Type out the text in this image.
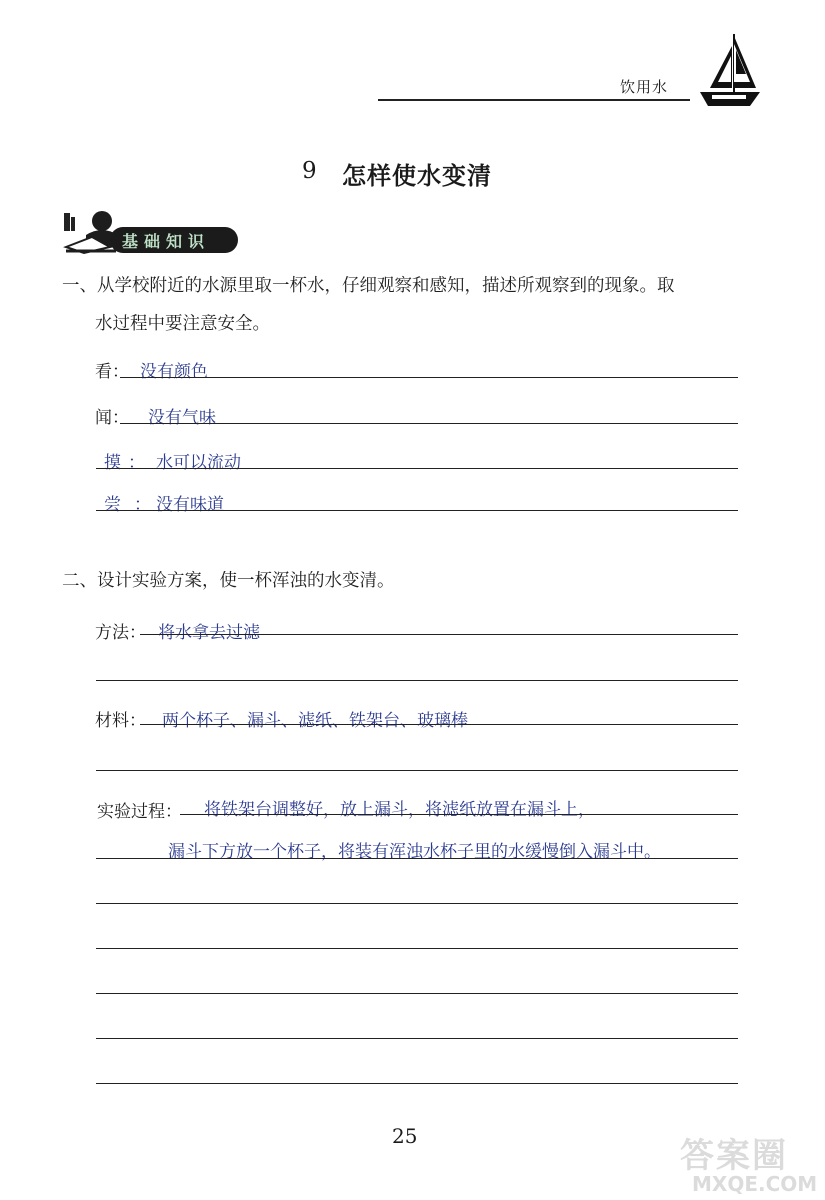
饮用水
9 怎样使水变清
基础知识
一、从学校附近的水源里取一杯水，仔细观察和感知，描述所观察到的现象。取
水过程中要注意安全。
看： 没有颜色
闻： 没有气味
摸 ： 水可以流动
尝 ： 没有味道
二、设计实验方案，使一杯浑浊的水变清。
方法： 将水拿去过滤
材料： 两个杯子、漏斗、滤纸、铁架台、玻璃棒
实验过程： 将铁架台调整好，放上漏斗，将滤纸放置在漏斗上，
漏斗下方放一个杯子，将装有浑浊水杯子里的水缓慢倒入漏斗中。
25	答案圈
MXQE.COM
